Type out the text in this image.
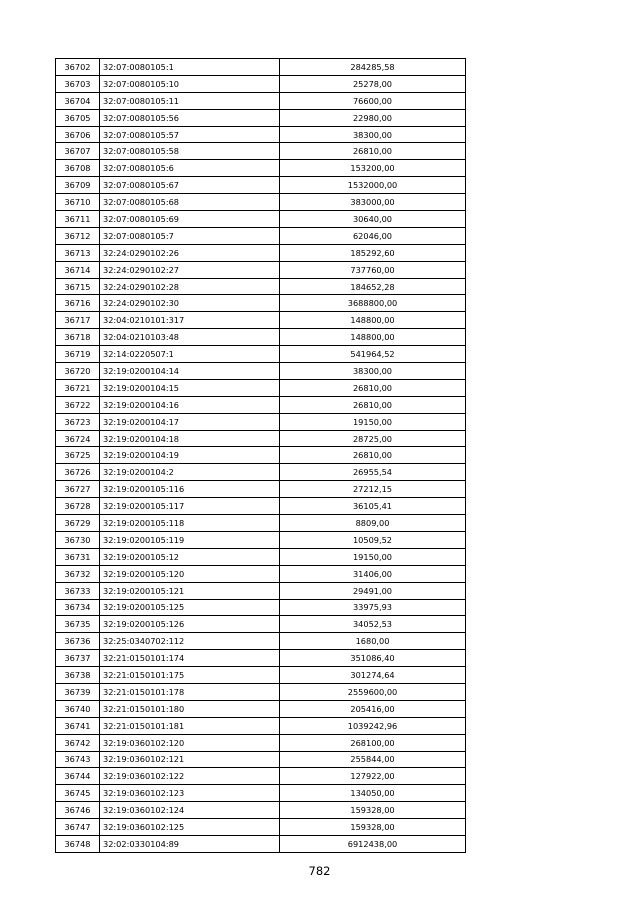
36702	32:07:0080105:1	284285,58
36703	32:07:0080105:10	25278,00
36704	32:07:0080105:11	76600,00
36705	32:07:0080105:56	22980,00
36706	32:07:0080105:57	38300,00
36707	32:07:0080105:58	26810,00
36708	32:07:0080105:6	153200,00
36709	32:07:0080105:67	1532000,00
36710	32:07:0080105:68	383000,00
36711	32:07:0080105:69	30640,00
36712	32:07:0080105:7	62046,00
36713	32:24:0290102:26	185292,60
36714	32:24:0290102:27	737760,00
36715	32:24:0290102:28	184652,28
36716	32:24:0290102:30	3688800,00
36717	32:04:0210101:317	148800,00
36718	32:04:0210103:48	148800,00
36719	32:14:0220507:1	541964,52
36720	32:19:0200104:14	38300,00
36721	32:19:0200104:15	26810,00
36722	32:19:0200104:16	26810,00
36723	32:19:0200104:17	19150,00
36724	32:19:0200104:18	28725,00
36725	32:19:0200104:19	26810,00
36726	32:19:0200104:2	26955,54
36727	32:19:0200105:116	27212,15
36728	32:19:0200105:117	36105,41
36729	32:19:0200105:118	8809,00
36730	32:19:0200105:119	10509,52
36731	32:19:0200105:12	19150,00
36732	32:19:0200105:120	31406,00
36733	32:19:0200105:121	29491,00
36734	32:19:0200105:125	33975,93
36735	32:19:0200105:126	34052,53
36736	32:25:0340702:112	1680,00
36737	32:21:0150101:174	351086,40
36738	32:21:0150101:175	301274,64
36739	32:21:0150101:178	2559600,00
36740	32:21:0150101:180	205416,00
36741	32:21:0150101:181	1039242,96
36742	32:19:0360102:120	268100,00
36743	32:19:0360102:121	255844,00
36744	32:19:0360102:122	127922,00
36745	32:19:0360102:123	134050,00
36746	32:19:0360102:124	159328,00
36747	32:19:0360102:125	159328,00
36748	32:02:0330104:89	6912438,00
782
